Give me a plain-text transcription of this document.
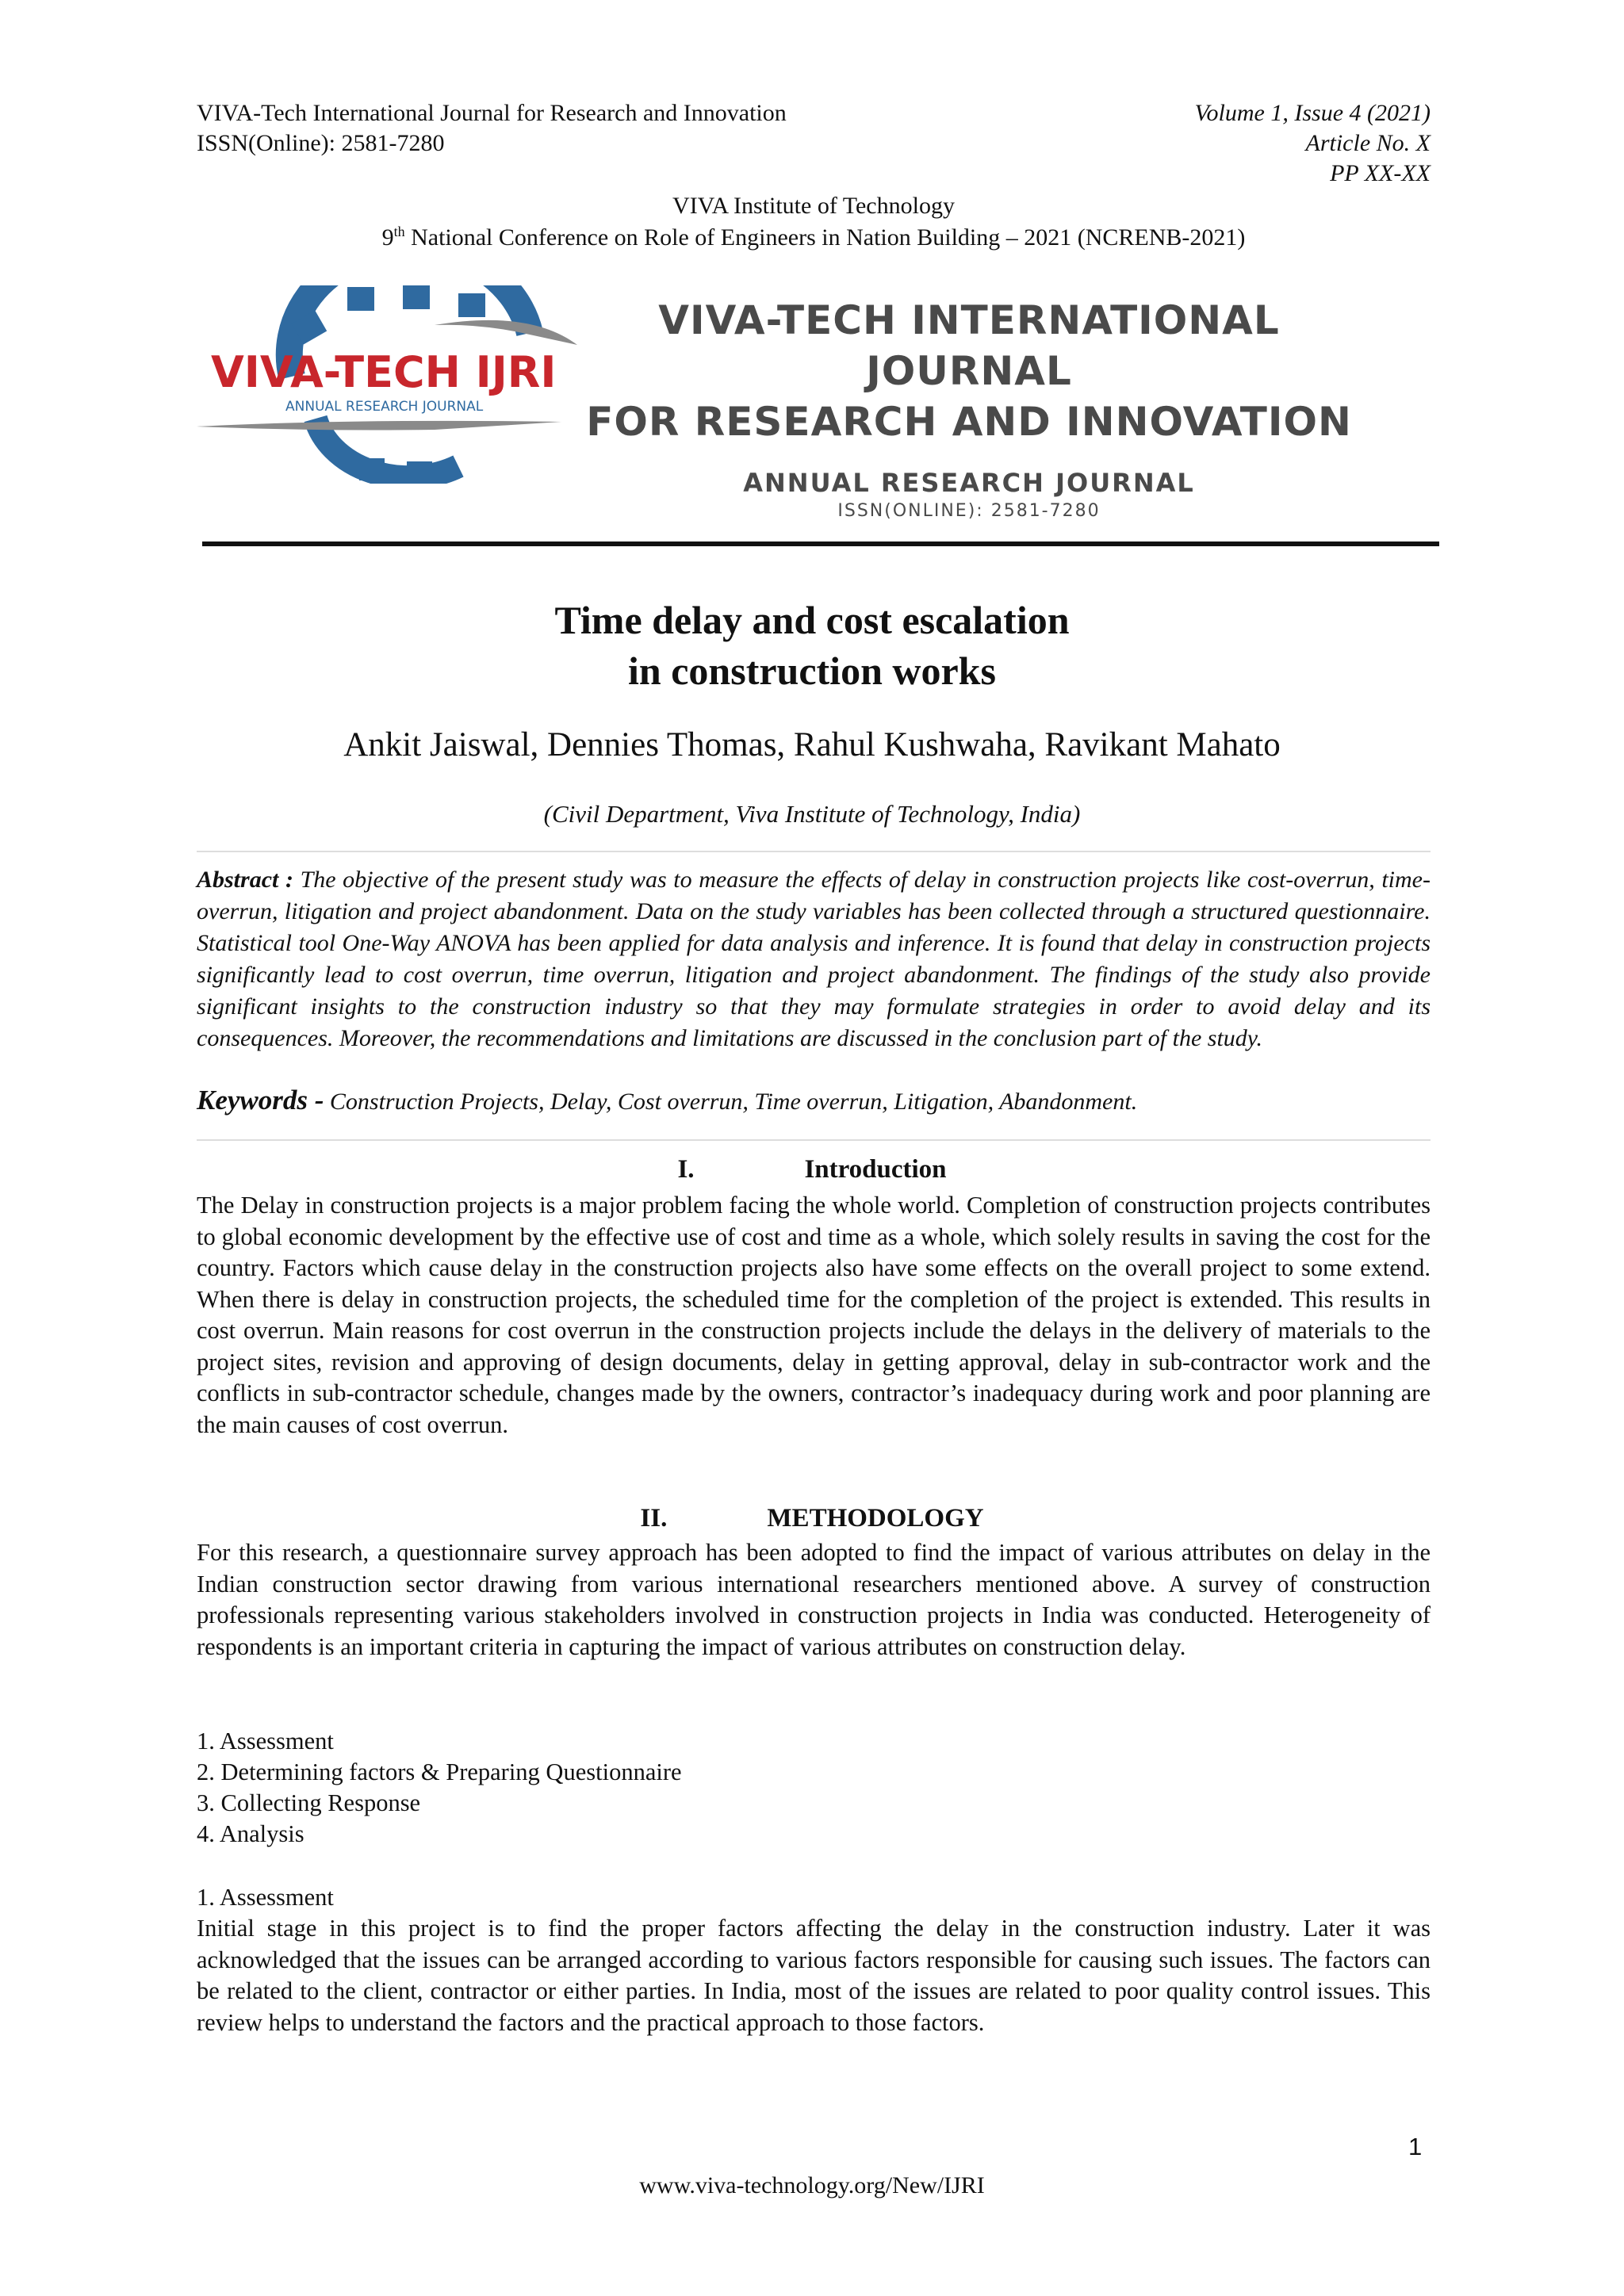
VIVA-Tech International Journal for Research and Innovation
ISSN(Online): 2581-7280
Volume 1, Issue 4 (2021)
Article No. X
PP XX-XX
VIVA Institute of Technology
9th National Conference on Role of Engineers in Nation Building – 2021 (NCRENB-2021)
VIVA-TECH IJRI
ANNUAL RESEARCH JOURNAL
VIVA-TECH INTERNATIONAL JOURNAL
FOR RESEARCH AND INNOVATION
ANNUAL RESEARCH JOURNAL
ISSN(ONLINE): 2581-7280
Time delay and cost escalation
in construction works
Ankit Jaiswal, Dennies Thomas, Rahul Kushwaha, Ravikant Mahato
(Civil Department, Viva Institute of Technology, India)
Abstract : The objective of the present study was to measure the effects of delay in construction projects like cost-overrun, time-overrun, litigation and project abandonment. Data on the study variables has been collected through a structured questionnaire. Statistical tool One-Way ANOVA has been applied for data analysis and inference. It is found that delay in construction projects significantly lead to cost overrun, time overrun, litigation and project abandonment. The findings of the study also provide significant insights to the construction industry so that they may formulate strategies in order to avoid delay and its consequences. Moreover, the recommendations and limitations are discussed in the conclusion part of the study.
Keywords - Construction Projects, Delay, Cost overrun, Time overrun, Litigation, Abandonment.
I.	Introduction
The Delay in construction projects is a major problem facing the whole world. Completion of construction projects contributes to global economic development by the effective use of cost and time as a whole, which solely results in saving the cost for the country. Factors which cause delay in the construction projects also have some effects on the overall project to some extend. When there is delay in construction projects, the scheduled time for the completion of the project is extended. This results in cost overrun. Main reasons for cost overrun in the construction projects include the delays in the delivery of materials to the project sites, revision and approving of design documents, delay in getting approval, delay in sub-contractor work and the conflicts in sub-contractor schedule, changes made by the owners, contractor’s inadequacy during work and poor planning are the main causes of cost overrun.
II.	METHODOLOGY
For this research, a questionnaire survey approach has been adopted to find the impact of various attributes on delay in the Indian construction sector drawing from various international researchers mentioned above. A survey of construction professionals representing various stakeholders involved in construction projects in India was conducted. Heterogeneity of respondents is an important criteria in capturing the impact of various attributes on construction delay.
1. Assessment
2. Determining factors & Preparing Questionnaire
3. Collecting Response
4. Analysis
1. Assessment
Initial stage in this project is to find the proper factors affecting the delay in the construction industry. Later it was acknowledged that the issues can be arranged according to various factors responsible for causing such issues. The factors can be related to the client, contractor or either parties. In India, most of the issues are related to poor quality control issues. This review helps to understand the factors and the practical approach to those factors.
1
www.viva-technology.org/New/IJRI
